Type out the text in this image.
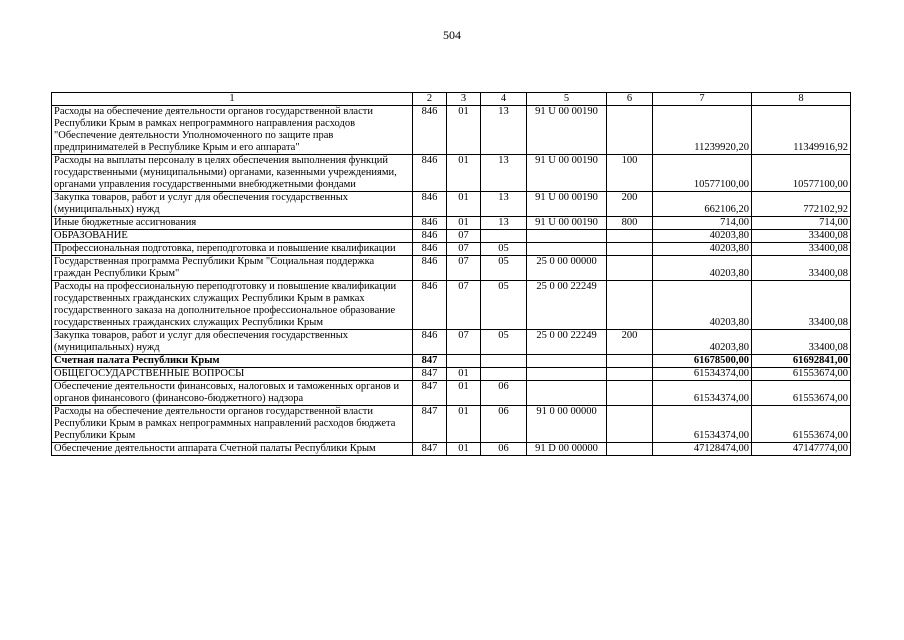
504
1	2	3	4	5	6	7	8
Расходы на обеспечение деятельности органов государственной власти Республики Крым в рамках непрограммного направления расходов "Обеспечение деятельности Уполномоченного по защите прав предпринимателей в Республике Крым и его аппарата"	846	01	13	91 U 00 00190		11239920,20	11349916,92
Расходы на выплаты персоналу в целях обеспечения выполнения функций государственными (муниципальными) органами, казенными учреждениями, органами управления государственными внебюджетными фондами	846	01	13	91 U 00 00190	100	10577100,00	10577100,00
Закупка товаров, работ и услуг для обеспечения государственных (муниципальных) нужд	846	01	13	91 U 00 00190	200	662106,20	772102,92
Иные бюджетные ассигнования	846	01	13	91 U 00 00190	800	714,00	714,00
ОБРАЗОВАНИЕ	846	07				40203,80	33400,08
Профессиональная подготовка, переподготовка и повышение квалификации	846	07	05			40203,80	33400,08
Государственная программа Республики Крым "Социальная поддержка граждан Республики Крым"	846	07	05	25 0 00 00000		40203,80	33400,08
Расходы на профессиональную переподготовку и повышение квалификации государственных гражданских служащих Республики Крым в рамках государственного заказа на дополнительное профессиональное образование государственных гражданских служащих Республики Крым	846	07	05	25 0 00 22249		40203,80	33400,08
Закупка товаров, работ и услуг для обеспечения государственных (муниципальных) нужд	846	07	05	25 0 00 22249	200	40203,80	33400,08
Счетная палата Республики Крым	847					61678500,00	61692841,00
ОБЩЕГОСУДАРСТВЕННЫЕ ВОПРОСЫ	847	01				61534374,00	61553674,00
Обеспечение деятельности финансовых, налоговых и таможенных органов и органов финансового (финансово-бюджетного) надзора	847	01	06			61534374,00	61553674,00
Расходы на обеспечение деятельности органов государственной власти Республики Крым в рамках непрограммных направлений расходов бюджета Республики Крым	847	01	06	91 0 00 00000		61534374,00	61553674,00
Обеспечение деятельности аппарата Счетной палаты Республики Крым	847	01	06	91 D 00 00000		47128474,00	47147774,00
